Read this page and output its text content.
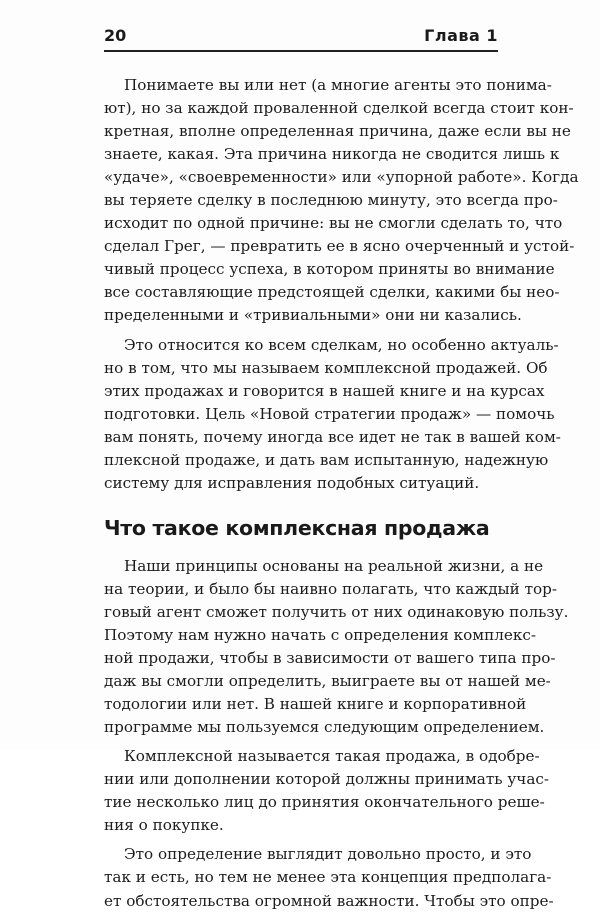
20	Глава 1
Понимаете вы или нет (а многие агенты это понима-
ют), но за каждой проваленной сделкой всегда стоит кон-
кретная, вполне определенная причина, даже если вы не
знаете, какая. Эта причина никогда не сводится лишь к
«удаче», «своевременности» или «упорной работе». Когда
вы теряете сделку в последнюю минуту, это всегда про-
исходит по одной причине: вы не смогли сделать то, что
сделал Грег, — превратить ее в ясно очерченный и устой-
чивый процесс успеха, в котором приняты во внимание
все составляющие предстоящей сделки, какими бы нео-
пределенными и «тривиальными» они ни казались.
Это относится ко всем сделкам, но особенно актуаль-
но в том, что мы называем комплексной продажей. Об
этих продажах и говорится в нашей книге и на курсах
подготовки. Цель «Новой стратегии продаж» — помочь
вам понять, почему иногда все идет не так в вашей ком-
плексной продаже, и дать вам испытанную, надежную
систему для исправления подобных ситуаций.
Что такое комплексная продажа
Наши принципы основаны на реальной жизни, а не
на теории, и было бы наивно полагать, что каждый тор-
говый агент сможет получить от них одинаковую пользу.
Поэтому нам нужно начать с определения комплекс-
ной продажи, чтобы в зависимости от вашего типа про-
даж вы смогли определить, выиграете вы от нашей ме-
тодологии или нет. В нашей книге и корпоративной
программе мы пользуемся следующим определением.
Комплексной называется такая продажа, в одобре-
нии или дополнении которой должны принимать учас-
тие несколько лиц до принятия окончательного реше-
ния о покупке.
Это определение выглядит довольно просто, и это
так и есть, но тем не менее эта концепция предполага-
ет обстоятельства огромной важности. Чтобы это опре-
